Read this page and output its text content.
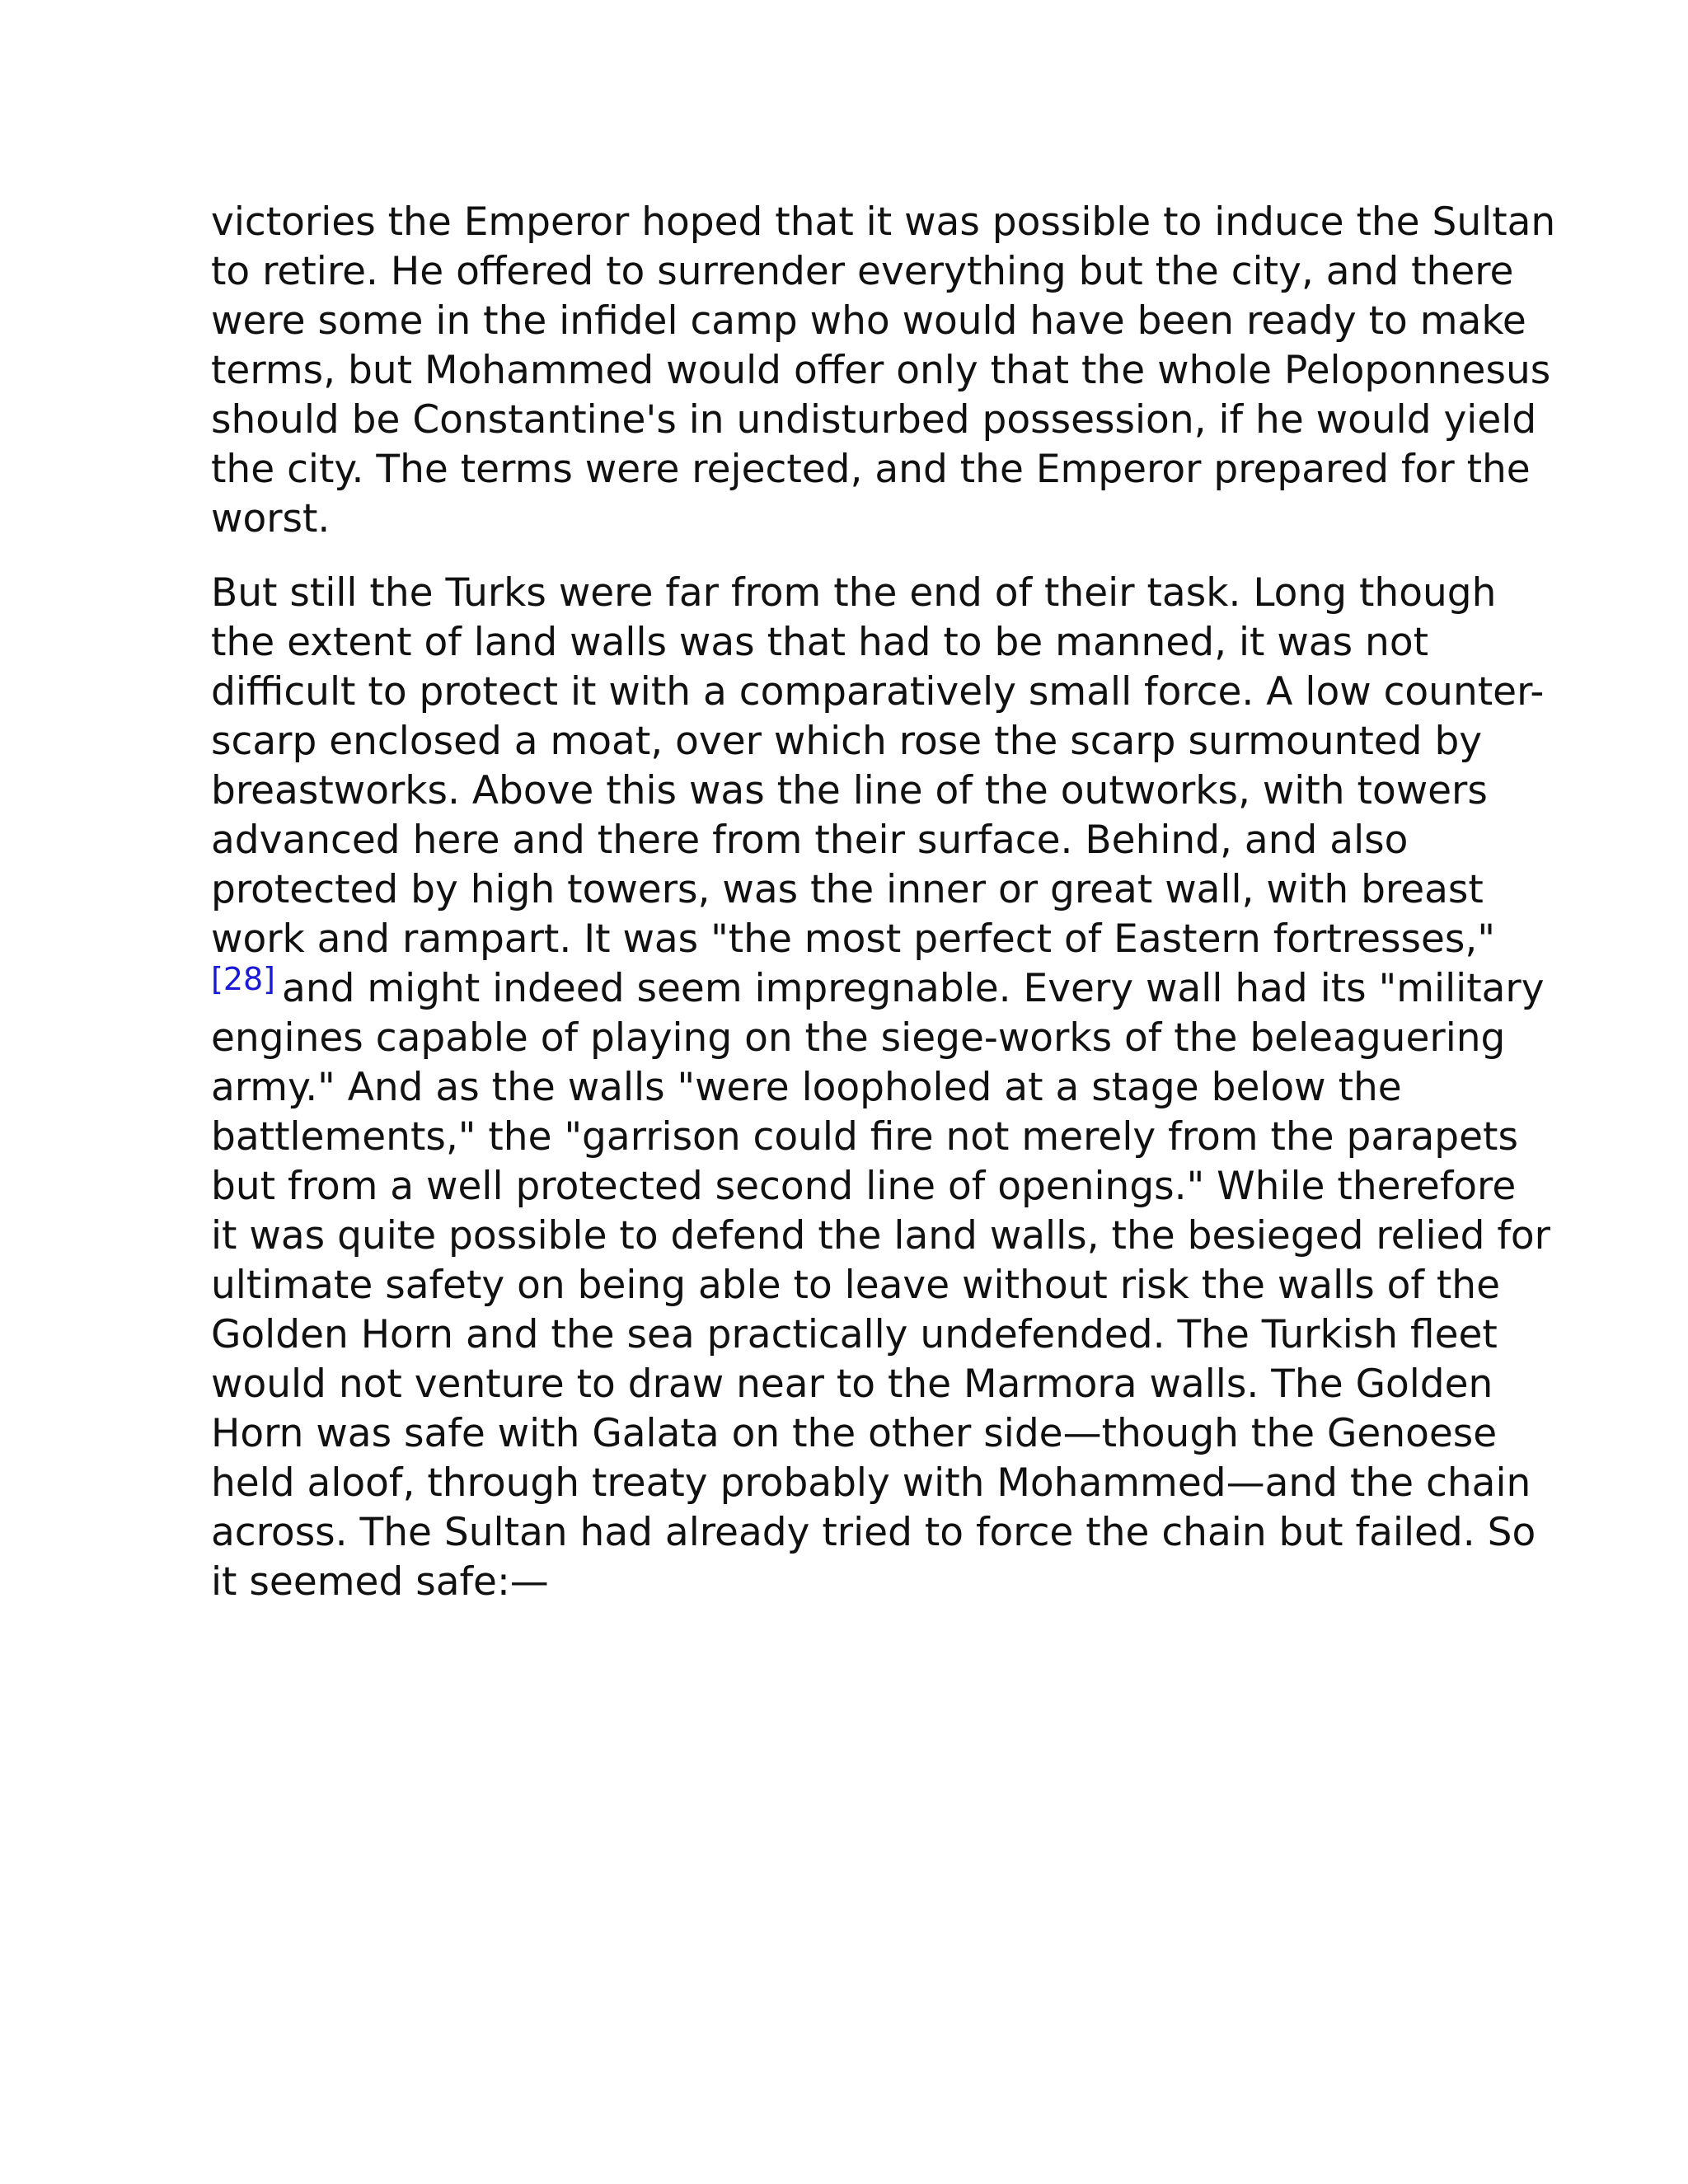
victories the Emperor hoped that it was possible to induce the Sultan
to retire. He offered to surrender everything but the city, and there
were some in the infidel camp who would have been ready to make
terms, but Mohammed would offer only that the whole Peloponnesus
should be Constantine's in undisturbed possession, if he would yield
the city. The terms were rejected, and the Emperor prepared for the
worst.

But still the Turks were far from the end of their task. Long though
the extent of land walls was that had to be manned, it was not
difficult to protect it with a comparatively small force. A low counter-
scarp enclosed a moat, over which rose the scarp surmounted by
breastworks. Above this was the line of the outworks, with towers
advanced here and there from their surface. Behind, and also
protected by high towers, was the inner or great wall, with breast
work and rampart. It was "the most perfect of Eastern fortresses,"
[28] and might indeed seem impregnable. Every wall had its "military
engines capable of playing on the siege-works of the beleaguering
army." And as the walls "were loopholed at a stage below the
battlements," the "garrison could fire not merely from the parapets
but from a well protected second line of openings." While therefore
it was quite possible to defend the land walls, the besieged relied for
ultimate safety on being able to leave without risk the walls of the
Golden Horn and the sea practically undefended. The Turkish fleet
would not venture to draw near to the Marmora walls. The Golden
Horn was safe with Galata on the other side—though the Genoese
held aloof, through treaty probably with Mohammed—and the chain
across. The Sultan had already tried to force the chain but failed. So
it seemed safe:—
